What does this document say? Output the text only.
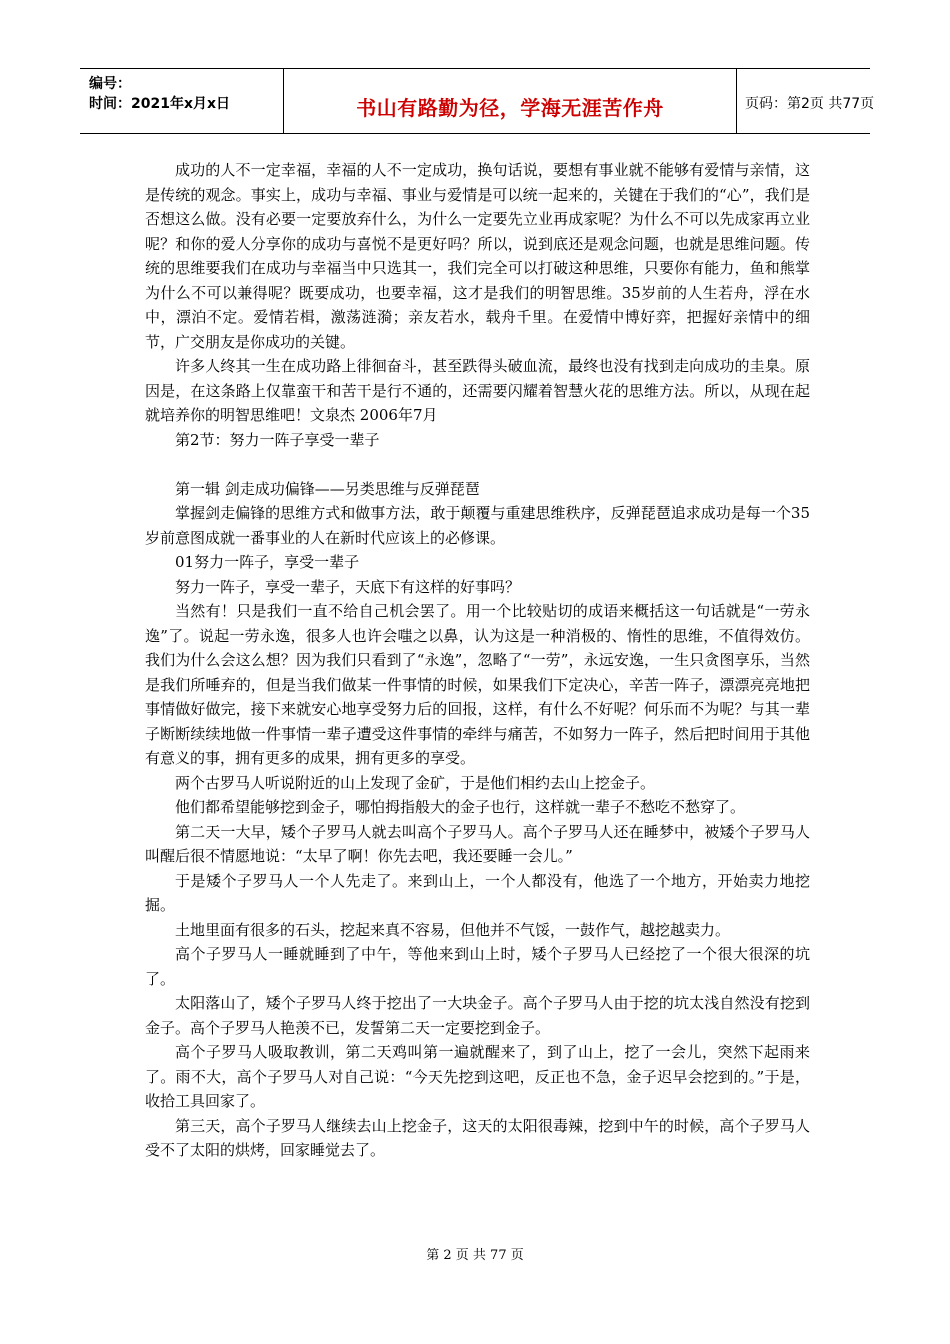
编号：
时间：2021年x月x日	书山有路勤为径，学海无涯苦作舟	页码：第2页 共77页

成功的人不一定幸福，幸福的人不一定成功，换句话说，要想有事业就不能够有爱情与亲情，这是传统的观念。事实上，成功与幸福、事业与爱情是可以统一起来的，关键在于我们的“心”，我们是否想这么做。没有必要一定要放弃什么，为什么一定要先立业再成家呢？为什么不可以先成家再立业呢？和你的爱人分享你的成功与喜悦不是更好吗？所以，说到底还是观念问题，也就是思维问题。传统的思维要我们在成功与幸福当中只选其一，我们完全可以打破这种思维，只要你有能力，鱼和熊掌为什么不可以兼得呢？既要成功，也要幸福，这才是我们的明智思维。35岁前的人生若舟，浮在水中，漂泊不定。爱情若楫，激荡涟漪；亲友若水，载舟千里。在爱情中博好弈，把握好亲情中的细节，广交朋友是你成功的关键。

许多人终其一生在成功路上徘徊奋斗，甚至跌得头破血流，最终也没有找到走向成功的圭臬。原因是，在这条路上仅靠蛮干和苦干是行不通的，还需要闪耀着智慧火花的思维方法。所以，从现在起就培养你的明智思维吧！文泉杰 2006年7月

第2节：努力一阵子享受一辈子

第一辑 剑走成功偏锋——另类思维与反弹琵琶

掌握剑走偏锋的思维方式和做事方法，敢于颠覆与重建思维秩序，反弹琵琶追求成功是每一个35岁前意图成就一番事业的人在新时代应该上的必修课。

01努力一阵子，享受一辈子

努力一阵子，享受一辈子，天底下有这样的好事吗？

当然有！只是我们一直不给自己机会罢了。用一个比较贴切的成语来概括这一句话就是“一劳永逸”了。说起一劳永逸，很多人也许会嗤之以鼻，认为这是一种消极的、惰性的思维，不值得效仿。我们为什么会这么想？因为我们只看到了“永逸”，忽略了“一劳”，永远安逸，一生只贪图享乐，当然是我们所唾弃的，但是当我们做某一件事情的时候，如果我们下定决心，辛苦一阵子，漂漂亮亮地把事情做好做完，接下来就安心地享受努力后的回报，这样，有什么不好呢？何乐而不为呢？与其一辈子断断续续地做一件事情一辈子遭受这件事情的牵绊与痛苦，不如努力一阵子，然后把时间用于其他有意义的事，拥有更多的成果，拥有更多的享受。

两个古罗马人听说附近的山上发现了金矿，于是他们相约去山上挖金子。

他们都希望能够挖到金子，哪怕拇指般大的金子也行，这样就一辈子不愁吃不愁穿了。

第二天一大早，矮个子罗马人就去叫高个子罗马人。高个子罗马人还在睡梦中，被矮个子罗马人叫醒后很不情愿地说：“太早了啊！你先去吧，我还要睡一会儿。”

于是矮个子罗马人一个人先走了。来到山上，一个人都没有，他选了一个地方，开始卖力地挖掘。

土地里面有很多的石头，挖起来真不容易，但他并不气馁，一鼓作气，越挖越卖力。

高个子罗马人一睡就睡到了中午，等他来到山上时，矮个子罗马人已经挖了一个很大很深的坑了。

太阳落山了，矮个子罗马人终于挖出了一大块金子。高个子罗马人由于挖的坑太浅自然没有挖到金子。高个子罗马人艳羡不已，发誓第二天一定要挖到金子。

高个子罗马人吸取教训，第二天鸡叫第一遍就醒来了，到了山上，挖了一会儿，突然下起雨来了。雨不大，高个子罗马人对自己说：“今天先挖到这吧，反正也不急，金子迟早会挖到的。”于是，收拾工具回家了。

第三天，高个子罗马人继续去山上挖金子，这天的太阳很毒辣，挖到中午的时候，高个子罗马人受不了太阳的烘烤，回家睡觉去了。

第 2 页 共 77 页
